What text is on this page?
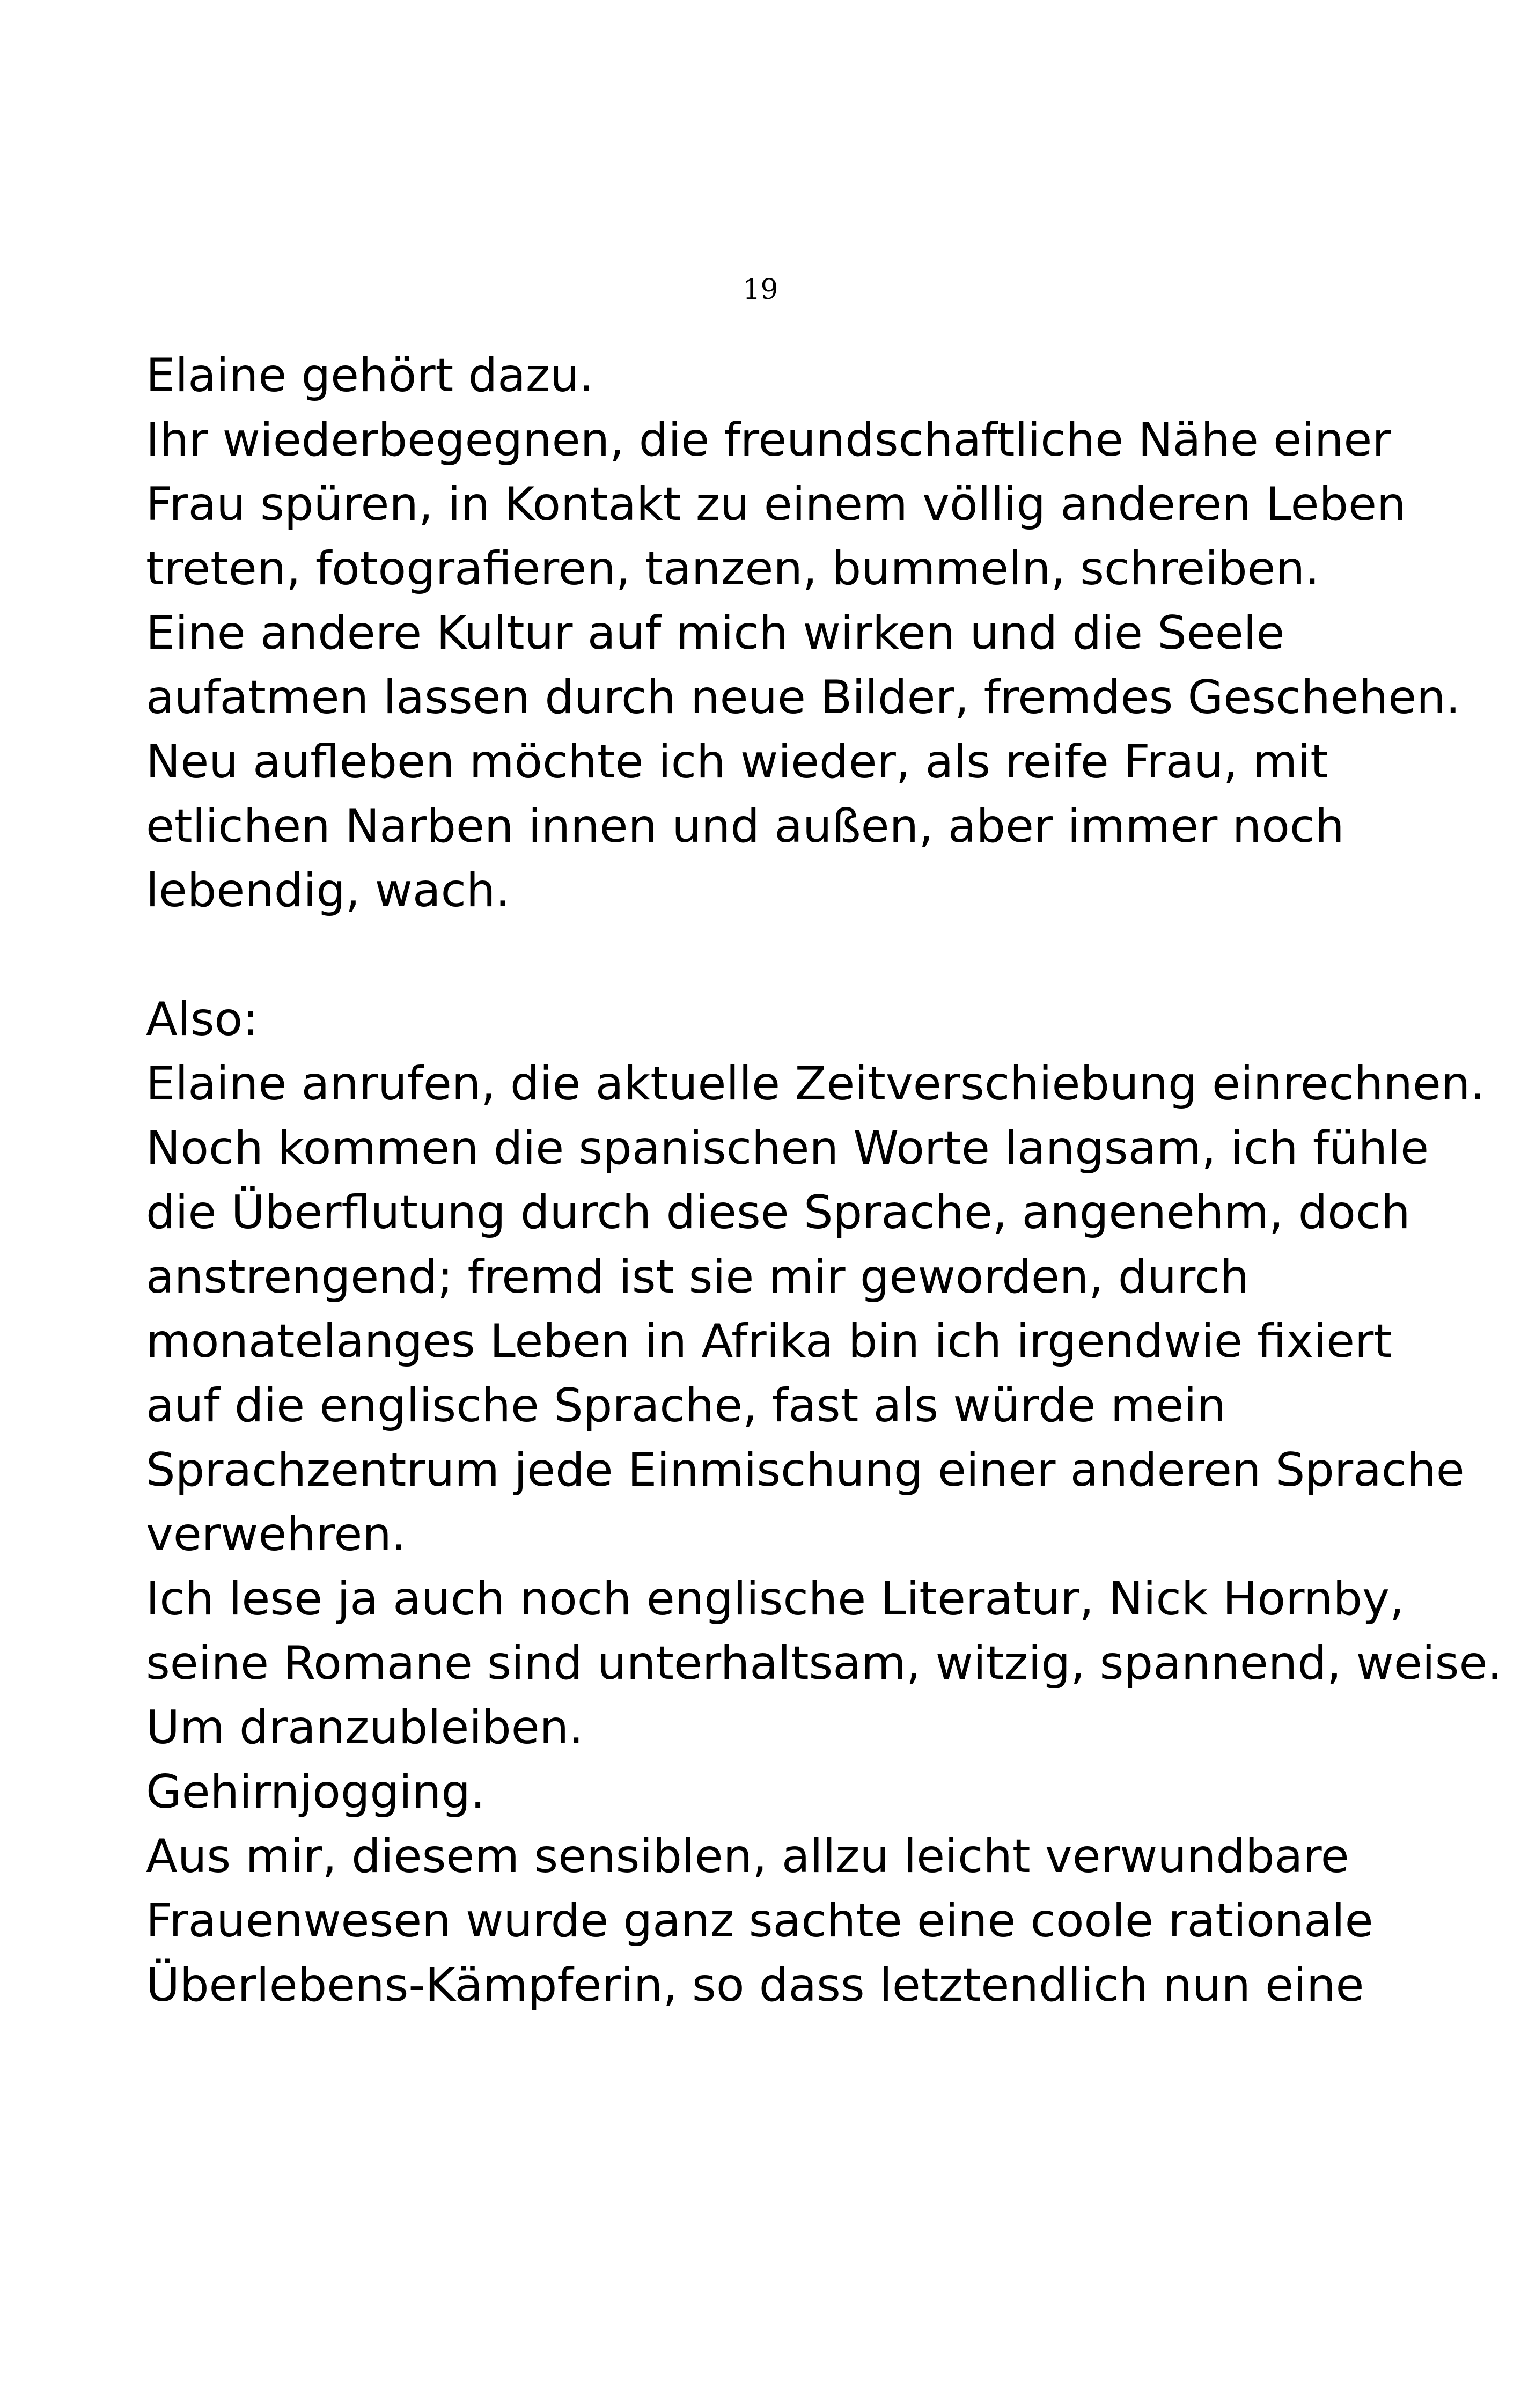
19
Elaine gehört dazu.
Ihr wiederbegegnen, die freundschaftliche Nähe einer
Frau spüren, in Kontakt zu einem völlig anderen Leben
treten, fotografieren, tanzen, bummeln, schreiben.
Eine andere Kultur auf mich wirken und die Seele
aufatmen lassen durch neue Bilder, fremdes Geschehen.
Neu aufleben möchte ich wieder, als reife Frau, mit
etlichen Narben innen und außen, aber immer noch
lebendig, wach.
Also:
Elaine anrufen, die aktuelle Zeitverschiebung einrechnen.
Noch kommen die spanischen Worte langsam, ich fühle
die Überflutung durch diese Sprache, angenehm, doch
anstrengend; fremd ist sie mir geworden, durch
monatelanges Leben in Afrika bin ich irgendwie fixiert
auf die englische Sprache, fast als würde mein
Sprachzentrum jede Einmischung einer anderen Sprache
verwehren.
Ich lese ja auch noch englische Literatur, Nick Hornby,
seine Romane sind unterhaltsam, witzig, spannend, weise.
Um dranzubleiben.
Gehirnjogging.
Aus mir, diesem sensiblen, allzu leicht verwundbare
Frauenwesen wurde ganz sachte eine coole rationale
Überlebens-Kämpferin, so dass letztendlich nun eine
